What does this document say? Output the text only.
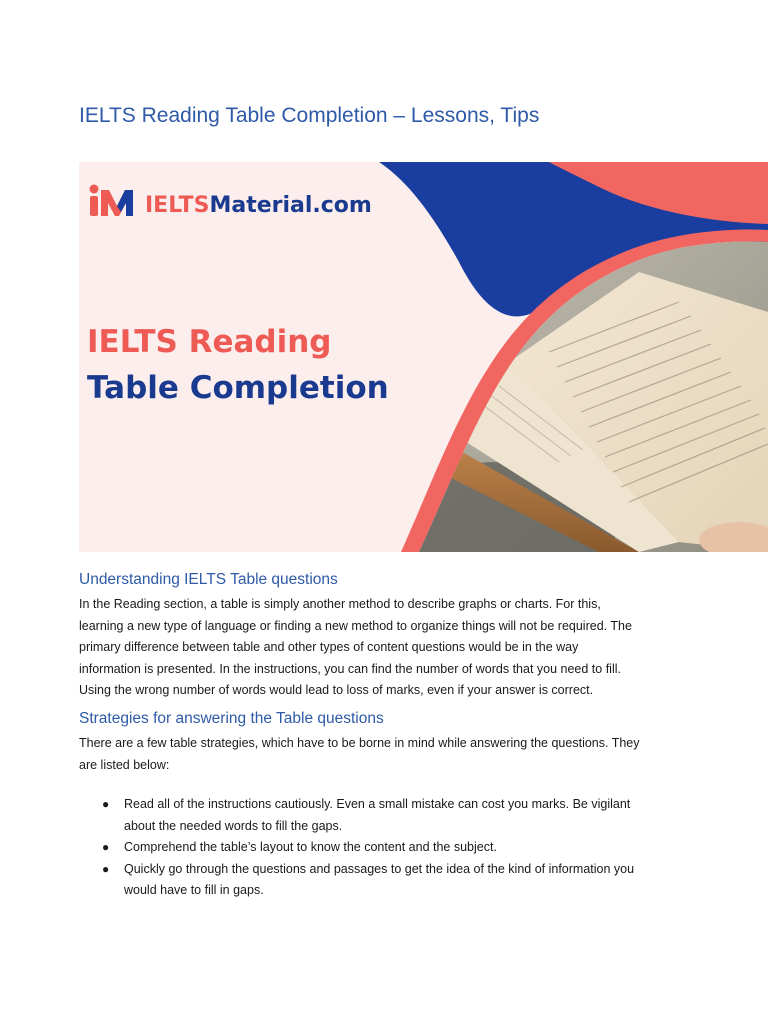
IELTS Reading Table Completion – Lessons, Tips
IELTSMaterial.com
IELTS Reading
Table Completion
Understanding IELTS Table questions
In the Reading section, a table is simply another method to describe graphs or charts. For this,
learning a new type of language or finding a new method to organize things will not be required. The
primary difference between table and other types of content questions would be in the way
information is presented. In the instructions, you can find the number of words that you need to fill.
Using the wrong number of words would lead to loss of marks, even if your answer is correct.
Strategies for answering the Table questions
There are a few table strategies, which have to be borne in mind while answering the questions. They
are listed below:
● Read all of the instructions cautiously. Even a small mistake can cost you marks. Be vigilant
about the needed words to fill the gaps.
● Comprehend the table’s layout to know the content and the subject.
● Quickly go through the questions and passages to get the idea of the kind of information you
would have to fill in gaps.
